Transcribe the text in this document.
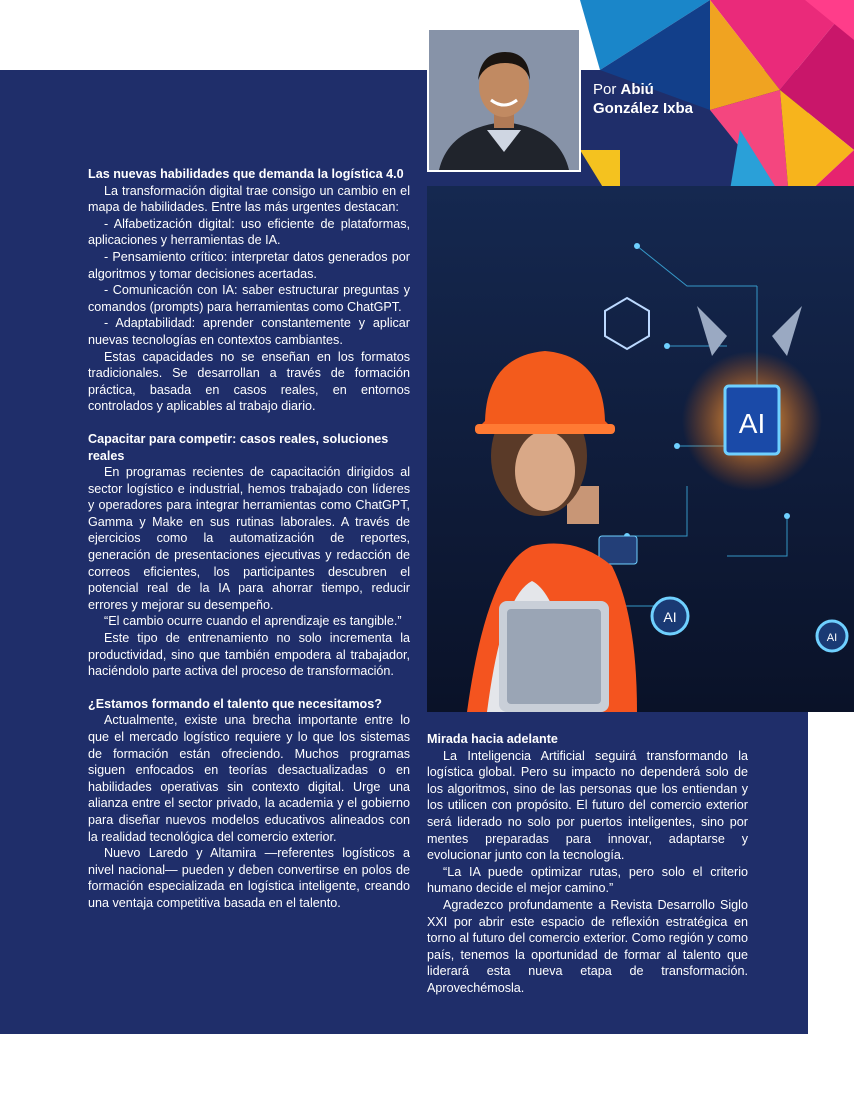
Por Abiú
González Ixba
AI
AI
AI
Las nuevas habilidades que demanda la logística 4.0

La transformación digital trae consigo un cambio en el mapa de habilidades. Entre las más urgentes destacan:

- Alfabetización digital: uso eficiente de plataformas, aplicaciones y herramientas de IA.

- Pensamiento crítico: interpretar datos generados por algoritmos y tomar decisiones acertadas.

- Comunicación con IA: saber estructurar preguntas y comandos (prompts) para herramientas como ChatGPT.

- Adaptabilidad: aprender constantemente y aplicar nuevas tecnologías en contextos cambiantes.

Estas capacidades no se enseñan en los formatos tradicionales. Se desarrollan a través de formación práctica, basada en casos reales, en entornos controlados y aplicables al trabajo diario.

Capacitar para competir: casos reales, soluciones reales

En programas recientes de capacitación dirigidos al sector logístico e industrial, hemos trabajado con líderes y operadores para integrar herramientas como ChatGPT, Gamma y Make en sus rutinas laborales. A través de ejercicios como la automatización de reportes, generación de presentaciones ejecutivas y redacción de correos eficientes, los participantes descubren el potencial real de la IA para ahorrar tiempo, reducir errores y mejorar su desempeño.

“El cambio ocurre cuando el aprendizaje es tangible.”

Este tipo de entrenamiento no solo incrementa la productividad, sino que también empodera al trabajador, haciéndolo parte activa del proceso de transformación.

¿Estamos formando el talento que necesitamos?

Actualmente, existe una brecha importante entre lo que el mercado logístico requiere y lo que los sistemas de formación están ofreciendo. Muchos programas siguen enfocados en teorías desactualizadas o en habilidades operativas sin contexto digital. Urge una alianza entre el sector privado, la academia y el gobierno para diseñar nuevos modelos educativos alineados con la realidad tecnológica del comercio exterior.

Nuevo Laredo y Altamira —referentes logísticos a nivel nacional— pueden y deben convertirse en polos de formación especializada en logística inteligente, creando una ventaja competitiva basada en el talento.

Mirada hacia adelante

La Inteligencia Artificial seguirá transformando la logística global. Pero su impacto no dependerá solo de los algoritmos, sino de las personas que los entiendan y los utilicen con propósito. El futuro del comercio exterior será liderado no solo por puertos inteligentes, sino por mentes preparadas para innovar, adaptarse y evolucionar junto con la tecnología.

“La IA puede optimizar rutas, pero solo el criterio humano decide el mejor camino.”

Agradezco profundamente a Revista Desarrollo Siglo XXI por abrir este espacio de reflexión estratégica en torno al futuro del comercio exterior. Como región y como país, tenemos la oportunidad de formar al talento que liderará esta nueva etapa de transformación. Aprovechémosla.
